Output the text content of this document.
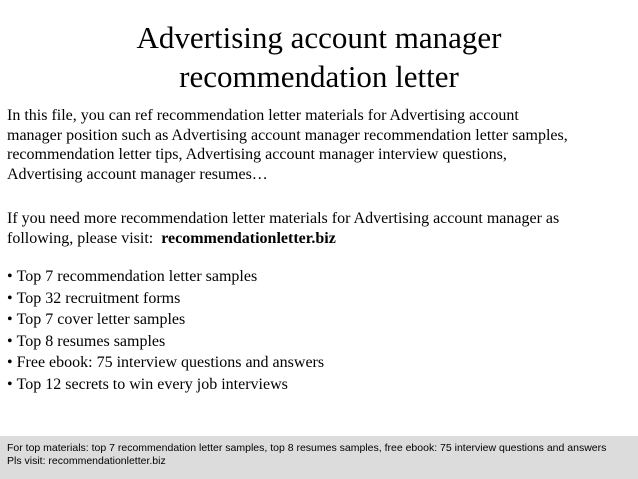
Advertising account manager
recommendation letter
In this file, you can ref recommendation letter materials for Advertising account
manager position such as Advertising account manager recommendation letter samples,
recommendation letter tips, Advertising account manager interview questions,
Advertising account manager resumes…
If you need more recommendation letter materials for Advertising account manager as
following, please visit:  recommendationletter.biz
• Top 7 recommendation letter samples
• Top 32 recruitment forms
• Top 7 cover letter samples
• Top 8 resumes samples
• Free ebook: 75 interview questions and answers
• Top 12 secrets to win every job interviews
For top materials: top 7 recommendation letter samples, top 8 resumes samples, free ebook: 75 interview questions and answers
Pls visit: recommendationletter.biz
